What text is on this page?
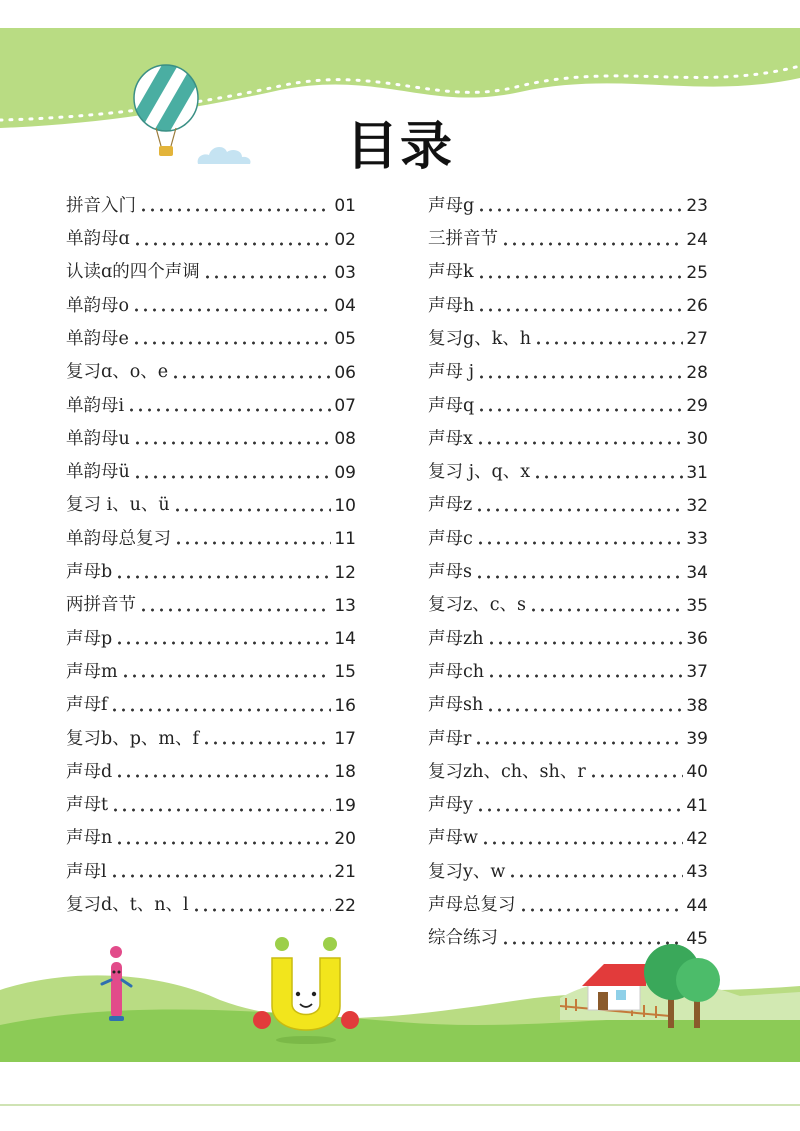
目录
拼音入门	01
单韵母ɑ	02
认读ɑ的四个声调	03
单韵母o	04
单韵母e	05
复习ɑ、o、e	06
单韵母i	07
单韵母u	08
单韵母ü	09
复习 i、u、ü	10
单韵母总复习	11
声母b	12
两拼音节	13
声母p	14
声母m	15
声母f	16
复习b、p、m、f	17
声母d	18
声母t	19
声母n	20
声母l	21
复习d、t、n、l	22
声母g	23
三拼音节	24
声母k	25
声母h	26
复习g、k、h	27
声母 j	28
声母q	29
声母x	30
复习 j、q、x	31
声母z	32
声母c	33
声母s	34
复习z、c、s	35
声母zh	36
声母ch	37
声母sh	38
声母r	39
复习zh、ch、sh、r	40
声母y	41
声母w	42
复习y、w	43
声母总复习	44
综合练习	45
